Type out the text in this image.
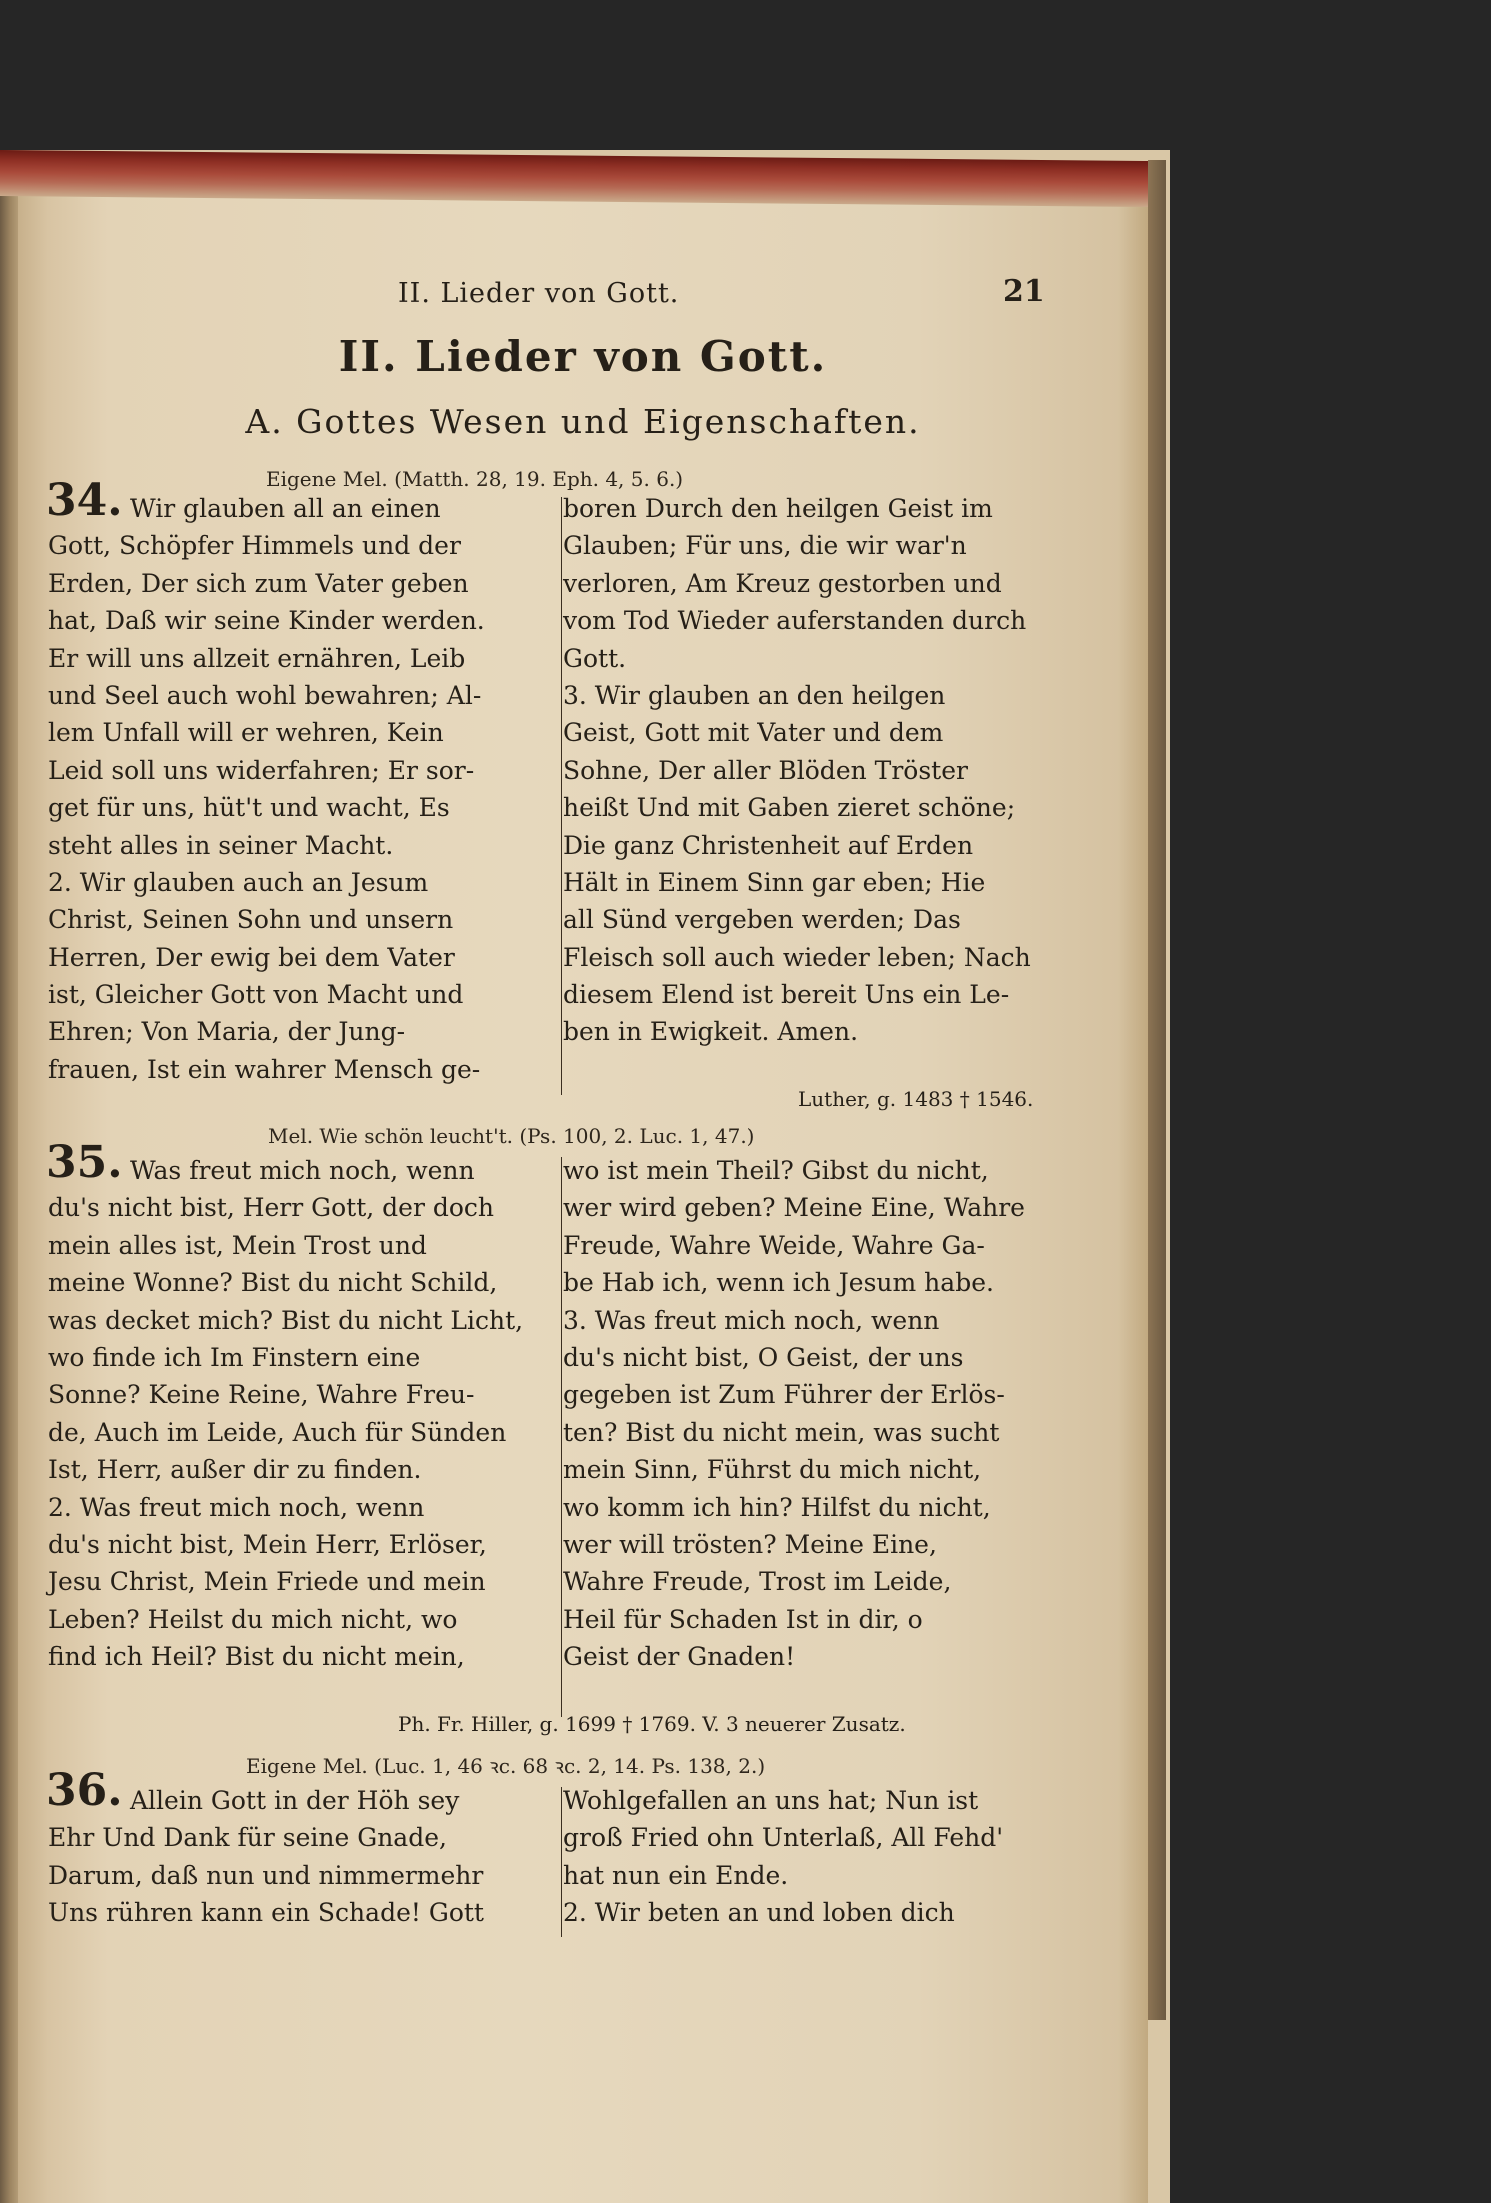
II. Lieder von Gott.	21
II. Lieder von Gott.
A. Gottes Wesen und Eigenschaften.
Eigene Mel. (Matth. 28, 19. Eph. 4, 5. 6.)
34. Wir glauben all an einen
Gott, Schöpfer Himmels und der
Erden, Der sich zum Vater geben
hat, Daß wir seine Kinder werden.
Er will uns allzeit ernähren, Leib
und Seel auch wohl bewahren; Al-
lem Unfall will er wehren, Kein
Leid soll uns widerfahren; Er sor-
get für uns, hüt't und wacht, Es
steht alles in seiner Macht.
2. Wir glauben auch an Jesum
Christ, Seinen Sohn und unsern
Herren, Der ewig bei dem Vater
ist, Gleicher Gott von Macht und
Ehren; Von Maria, der Jung-
frauen, Ist ein wahrer Mensch ge-
boren Durch den heilgen Geist im
Glauben; Für uns, die wir war'n
verloren, Am Kreuz gestorben und
vom Tod Wieder auferstanden durch
Gott.
3. Wir glauben an den heilgen
Geist, Gott mit Vater und dem
Sohne, Der aller Blöden Tröster
heißt Und mit Gaben zieret schöne;
Die ganz Christenheit auf Erden
Hält in Einem Sinn gar eben; Hie
all Sünd vergeben werden; Das
Fleisch soll auch wieder leben; Nach
diesem Elend ist bereit Uns ein Le-
ben in Ewigkeit. Amen.
Luther, g. 1483 † 1546.
Mel. Wie schön leucht't. (Ps. 100, 2. Luc. 1, 47.)
35. Was freut mich noch, wenn
du's nicht bist, Herr Gott, der doch
mein alles ist, Mein Trost und
meine Wonne? Bist du nicht Schild,
was decket mich? Bist du nicht Licht,
wo finde ich Im Finstern eine
Sonne? Keine Reine, Wahre Freu-
de, Auch im Leide, Auch für Sünden
Ist, Herr, außer dir zu finden.
2. Was freut mich noch, wenn
du's nicht bist, Mein Herr, Erlöser,
Jesu Christ, Mein Friede und mein
Leben? Heilst du mich nicht, wo
find ich Heil? Bist du nicht mein,
wo ist mein Theil? Gibst du nicht,
wer wird geben? Meine Eine, Wahre
Freude, Wahre Weide, Wahre Ga-
be Hab ich, wenn ich Jesum habe.
3. Was freut mich noch, wenn
du's nicht bist, O Geist, der uns
gegeben ist Zum Führer der Erlös-
ten? Bist du nicht mein, was sucht
mein Sinn, Führst du mich nicht,
wo komm ich hin? Hilfst du nicht,
wer will trösten? Meine Eine,
Wahre Freude, Trost im Leide,
Heil für Schaden Ist in dir, o
Geist der Gnaden!
Ph. Fr. Hiller, g. 1699 † 1769. V. 3 neuerer Zusatz.
Eigene Mel. (Luc. 1, 46 ꝛc. 68 ꝛc. 2, 14. Ps. 138, 2.)
36. Allein Gott in der Höh sey
Ehr Und Dank für seine Gnade,
Darum, daß nun und nimmermehr
Uns rühren kann ein Schade! Gott
Wohlgefallen an uns hat; Nun ist
groß Fried ohn Unterlaß, All Fehd'
hat nun ein Ende.
2. Wir beten an und loben dich
